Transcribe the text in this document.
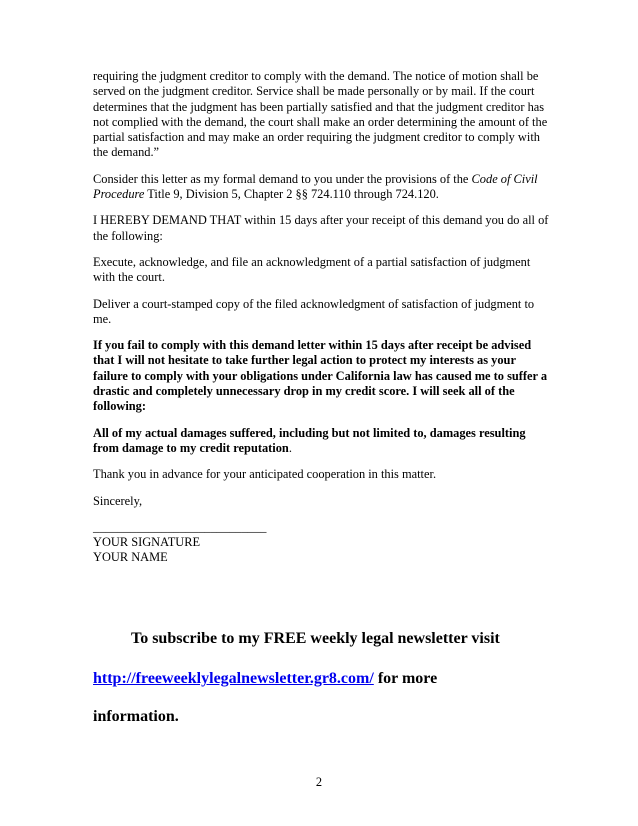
requiring the judgment creditor to comply with the demand. The notice of motion shall be served on the judgment creditor. Service shall be made personally or by mail. If the court determines that the judgment has been partially satisfied and that the judgment creditor has not complied with the demand, the court shall make an order determining the amount of the partial satisfaction and may make an order requiring the judgment creditor to comply with the demand.”

Consider this letter as my formal demand to you under the provisions of the Code of Civil Procedure Title 9, Division 5, Chapter 2 §§ 724.110 through 724.120.

I HEREBY DEMAND THAT within 15 days after your receipt of this demand you do all of the following:

Execute, acknowledge, and file an acknowledgment of a partial satisfaction of judgment with the court.

Deliver a court-stamped copy of the filed acknowledgment of satisfaction of judgment to me.

If you fail to comply with this demand letter within 15 days after receipt be advised that I will not hesitate to take further legal action to protect my interests as your failure to comply with your obligations under California law has caused me to suffer a drastic and completely unnecessary drop in my credit score. I will seek all of the following:

All of my actual damages suffered, including but not limited to, damages resulting from damage to my credit reputation.

Thank you in advance for your anticipated cooperation in this matter.

Sincerely,

____________________________
YOUR SIGNATURE
YOUR NAME
To subscribe to my FREE weekly legal newsletter visit
http://freeweeklylegalnewsletter.gr8.com/ for more
information.
2
